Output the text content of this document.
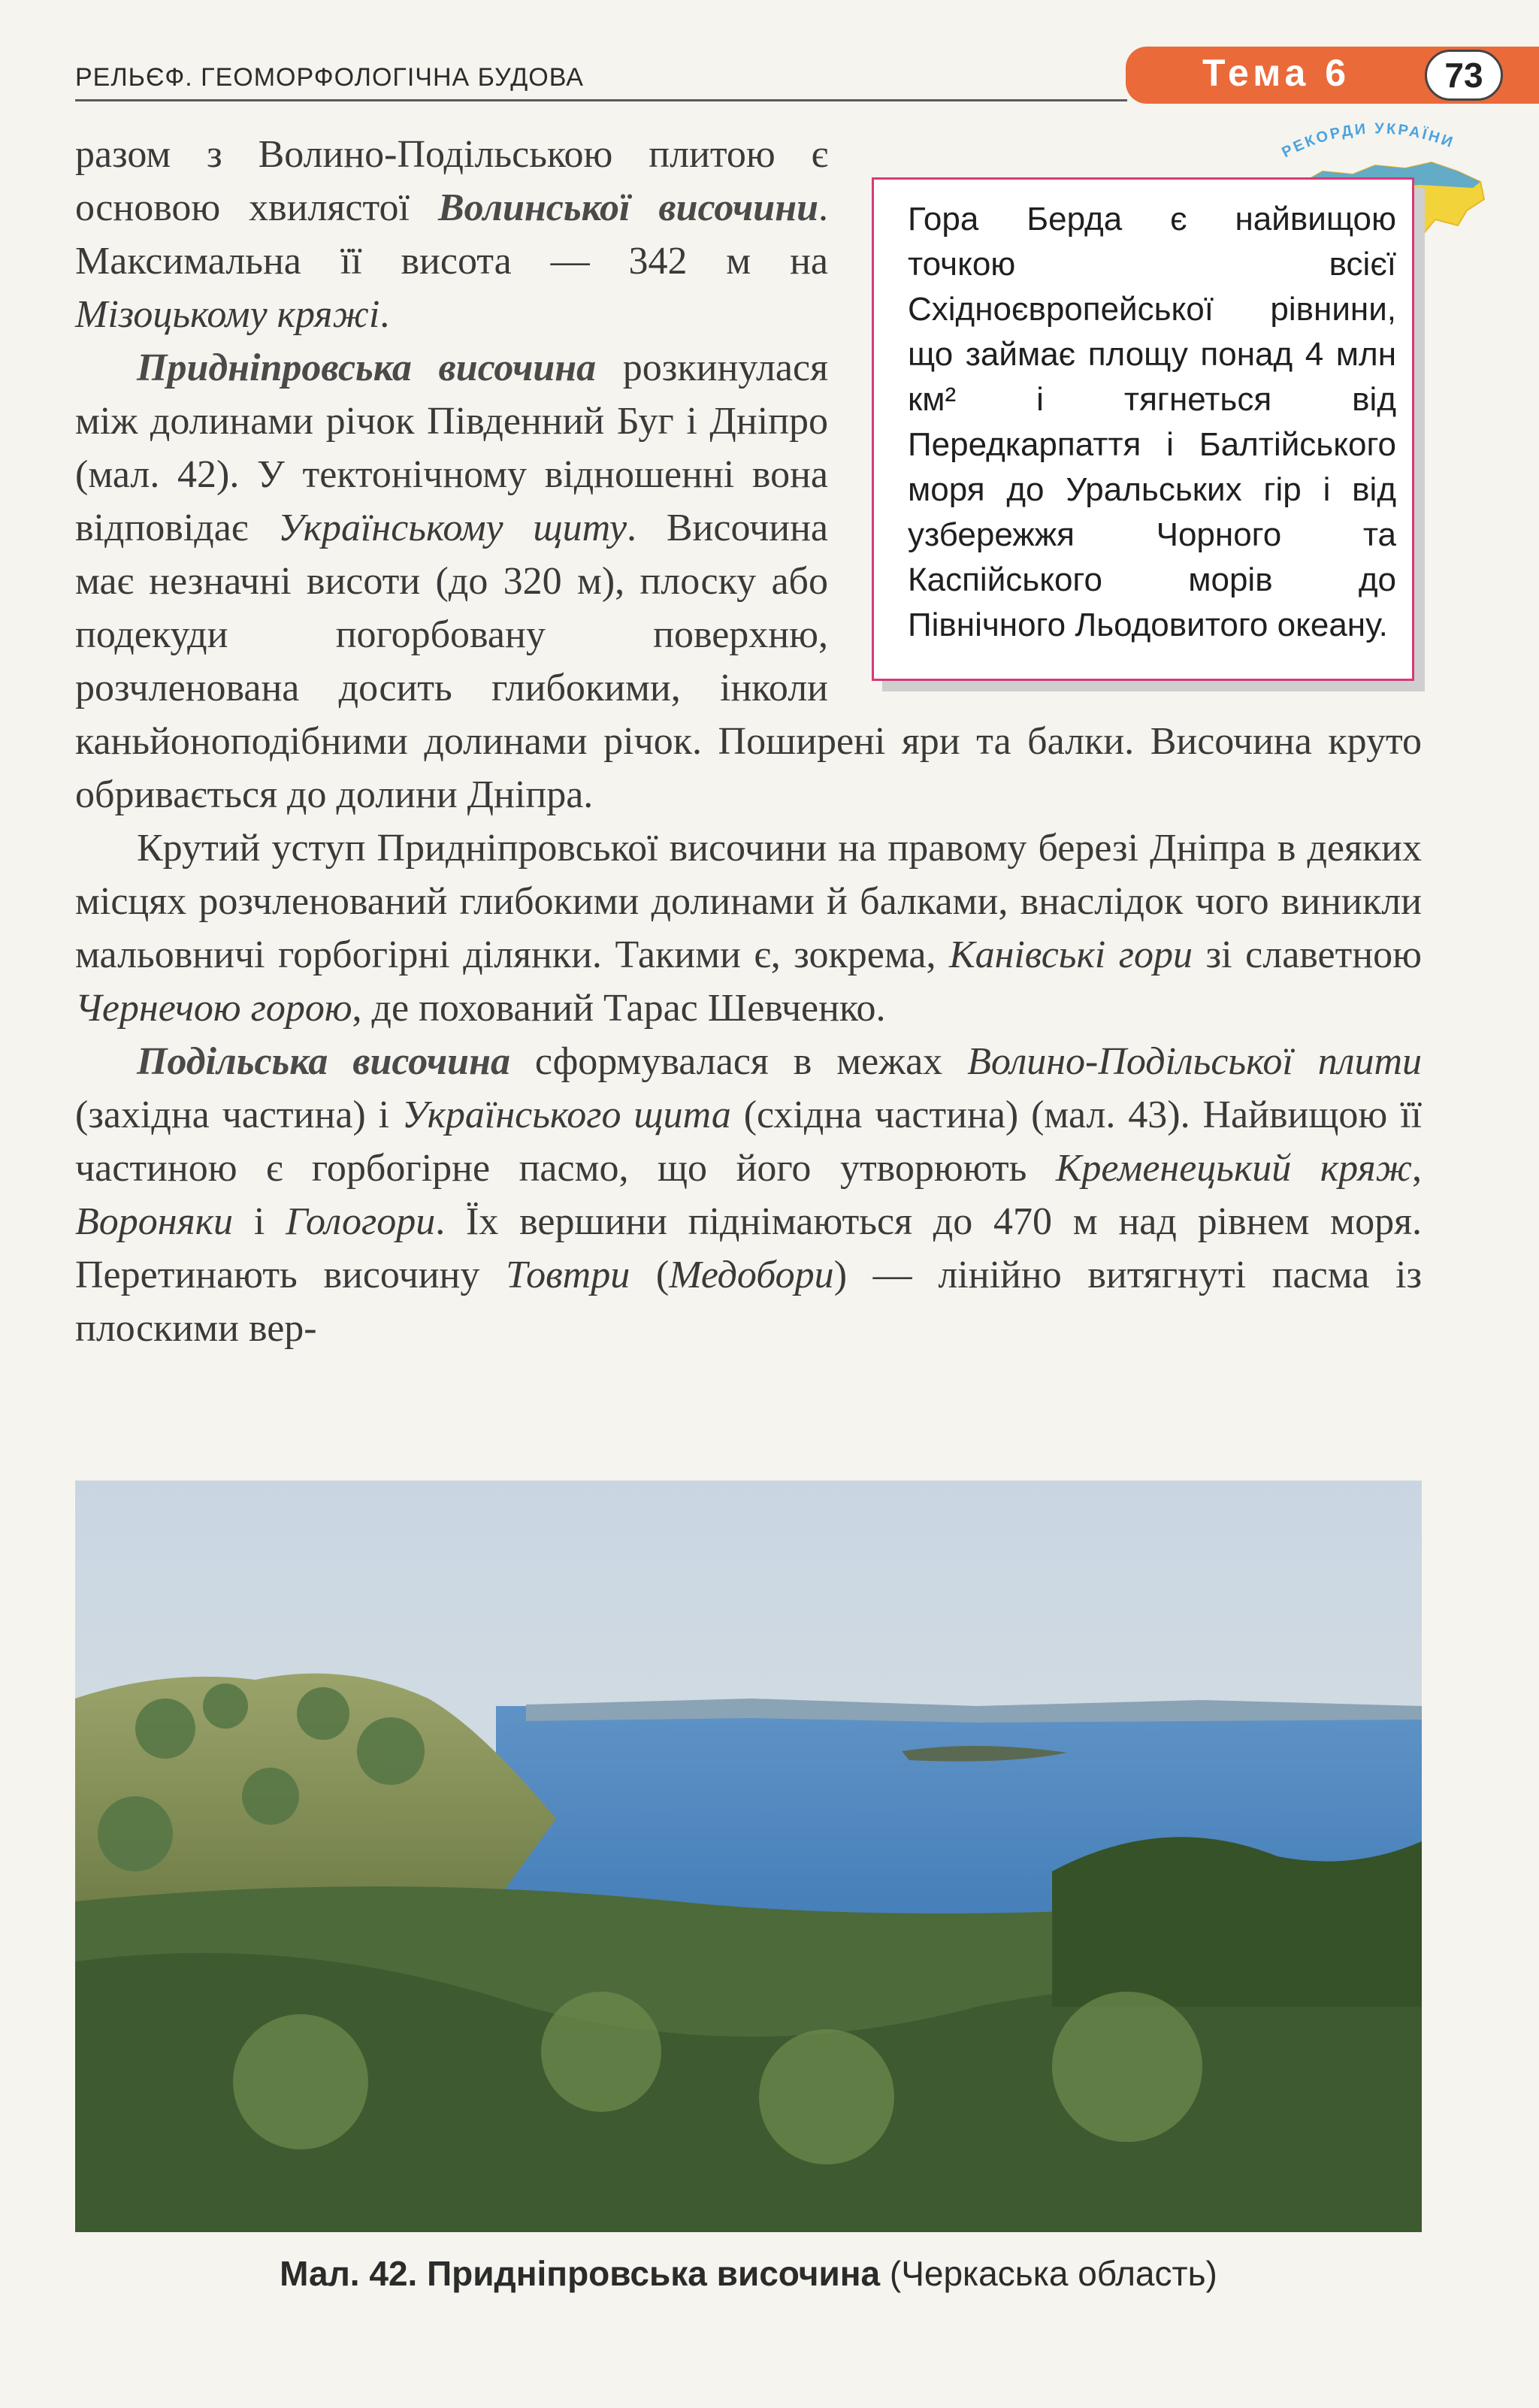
РЕЛЬЄФ. ГЕОМОРФОЛОГІЧНА БУДОВА	Тема 6	73
РЕКОРДИ УКРАЇНИ

Гора Берда є найвищою точкою всієї Східноєвропейської рівнини, що займає площу понад 4 млн км² і тягнеться від Передкарпаття і Балтійського моря до Уральських гір і від узбережжя Чорного та Каспійського морів до Північного Льодовитого океану.

разом з Волино-Подільською плитою є основою хвилястої Волинської височини. Максимальна її висота — 342 м на Мізоцькому кряжі.

Придніпровська височина розкинулася між долинами річок Південний Буг і Дніпро (мал. 42). У тектонічному відношенні вона відповідає Українському щиту. Височина має незначні висоти (до 320 м), плоску або подекуди погорбовану поверхню, розчленована досить глибокими, інколи каньйоноподібними долинами річок. Поширені яри та балки. Височина круто обривається до долини Дніпра.

Крутий уступ Придніпровської височини на правому березі Дніпра в деяких місцях розчленований глибокими долинами й балками, внаслідок чого виникли мальовничі горбогірні ділянки. Такими є, зокрема, Канівські гори зі славетною Чернечою горою, де похований Тарас Шевченко.

Подільська височина сформувалася в межах Волино-Подільської плити (західна частина) і Українського щита (східна частина) (мал. 43). Найвищою її частиною є горбогірне пасмо, що його утворюють Кременецький кряж, Вороняки і Гологори. Їх вершини піднімаються до 470 м над рівнем моря. Перетинають височину Товтри (Медобори) — лінійно витягнуті пасма із плоскими вер-

Мал. 42. Придніпровська височина (Черкаська область)
